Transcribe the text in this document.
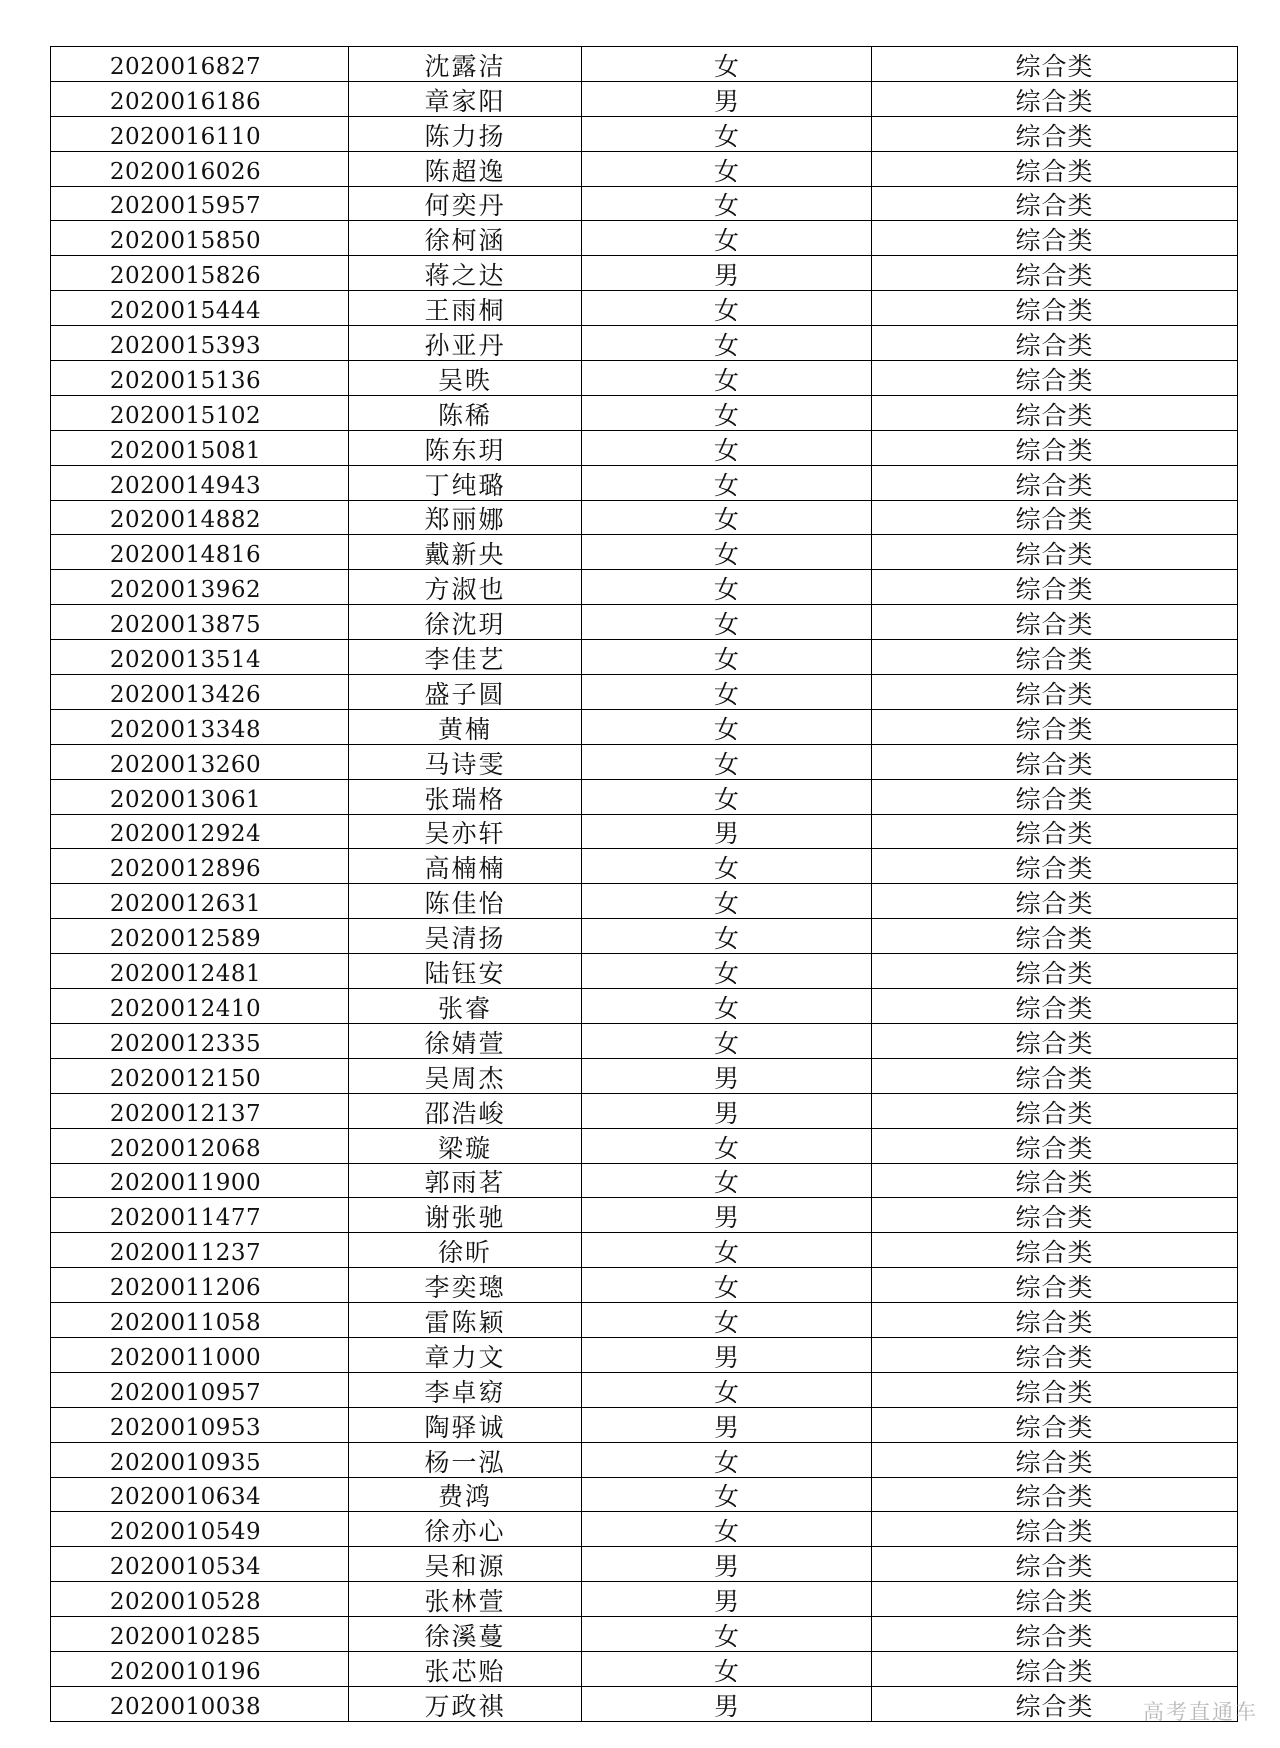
2020016827	沈露洁	女	综合类
2020016186	章家阳	男	综合类
2020016110	陈力扬	女	综合类
2020016026	陈超逸	女	综合类
2020015957	何奕丹	女	综合类
2020015850	徐柯涵	女	综合类
2020015826	蒋之达	男	综合类
2020015444	王雨桐	女	综合类
2020015393	孙亚丹	女	综合类
2020015136	吴昳	女	综合类
2020015102	陈稀	女	综合类
2020015081	陈东玥	女	综合类
2020014943	丁纯璐	女	综合类
2020014882	郑丽娜	女	综合类
2020014816	戴新央	女	综合类
2020013962	方淑也	女	综合类
2020013875	徐沈玥	女	综合类
2020013514	李佳艺	女	综合类
2020013426	盛子圆	女	综合类
2020013348	黄楠	女	综合类
2020013260	马诗雯	女	综合类
2020013061	张瑞格	女	综合类
2020012924	吴亦轩	男	综合类
2020012896	高楠楠	女	综合类
2020012631	陈佳怡	女	综合类
2020012589	吴清扬	女	综合类
2020012481	陆钰安	女	综合类
2020012410	张睿	女	综合类
2020012335	徐婧萱	女	综合类
2020012150	吴周杰	男	综合类
2020012137	邵浩峻	男	综合类
2020012068	梁璇	女	综合类
2020011900	郭雨茗	女	综合类
2020011477	谢张驰	男	综合类
2020011237	徐昕	女	综合类
2020011206	李奕璁	女	综合类
2020011058	雷陈颖	女	综合类
2020011000	章力文	男	综合类
2020010957	李卓窈	女	综合类
2020010953	陶驿诚	男	综合类
2020010935	杨一泓	女	综合类
2020010634	费鸿	女	综合类
2020010549	徐亦心	女	综合类
2020010534	吴和源	男	综合类
2020010528	张林萱	男	综合类
2020010285	徐溪蔓	女	综合类
2020010196	张芯贻	女	综合类
2020010038	万政祺	男	综合类 高考直通车
